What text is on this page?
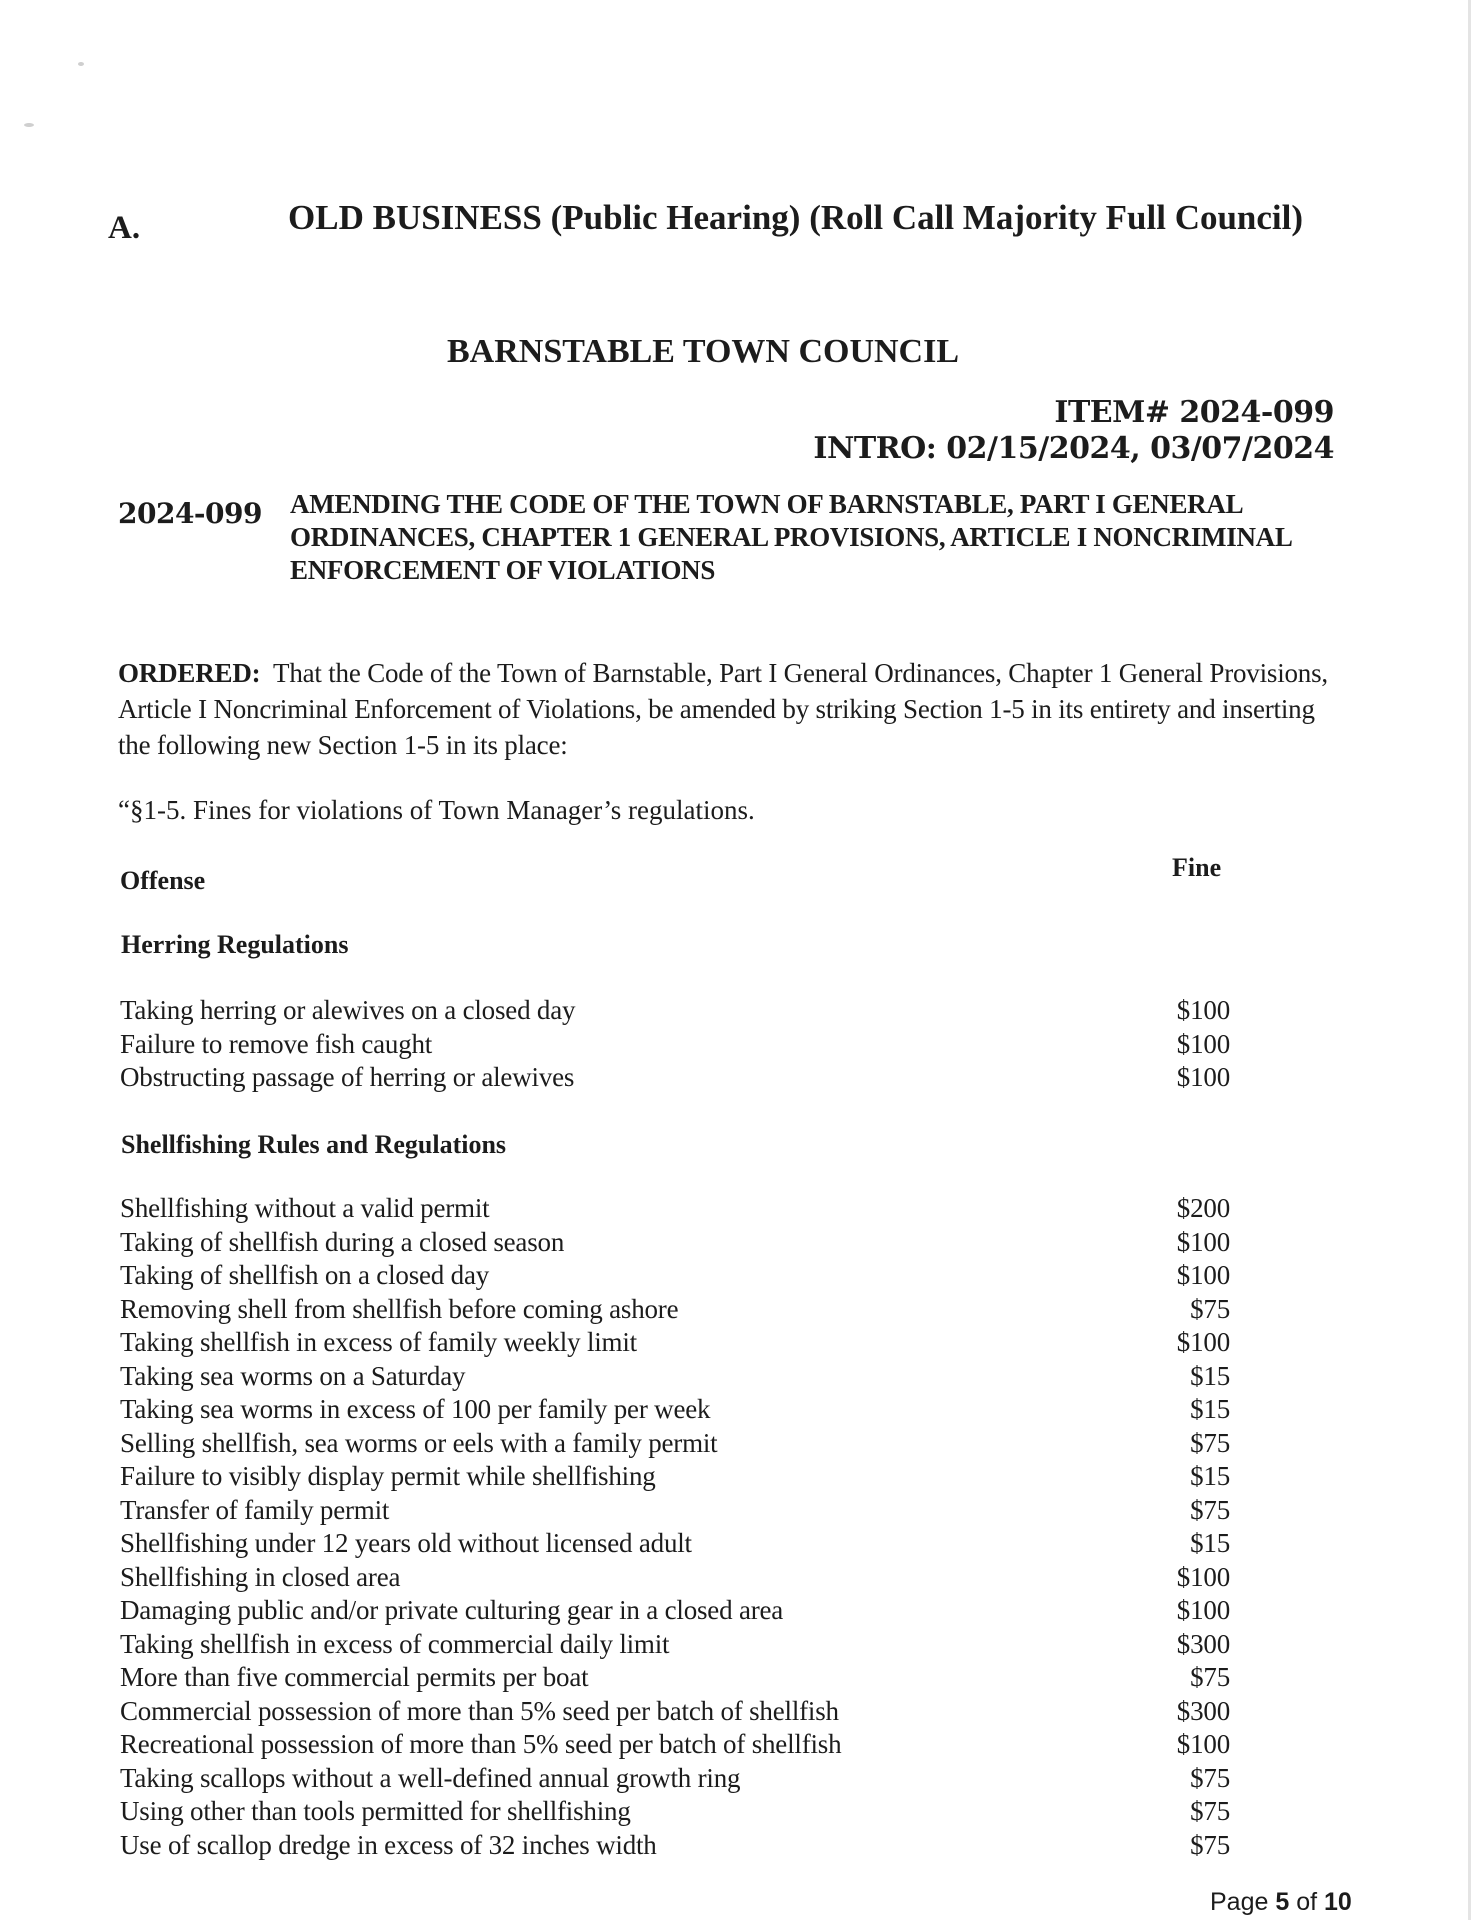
A.	OLD BUSINESS (Public Hearing) (Roll Call Majority Full Council)
BARNSTABLE TOWN COUNCIL
ITEM# 2024-099
INTRO: 02/15/2024, 03/07/2024
2024-099 AMENDING THE CODE OF THE TOWN OF BARNSTABLE, PART I GENERAL ORDINANCES, CHAPTER 1 GENERAL PROVISIONS, ARTICLE I NONCRIMINAL ENFORCEMENT OF VIOLATIONS
ORDERED: That the Code of the Town of Barnstable, Part I General Ordinances, Chapter 1 General Provisions, Article I Noncriminal Enforcement of Violations, be amended by striking Section 1-5 in its entirety and inserting the following new Section 1-5 in its place:
“§1-5. Fines for violations of Town Manager’s regulations.
Offense	Fine
Herring Regulations
Taking herring or alewives on a closed day	$100
Failure to remove fish caught	$100
Obstructing passage of herring or alewives	$100
Shellfishing Rules and Regulations
Shellfishing without a valid permit	$200
Taking of shellfish during a closed season	$100
Taking of shellfish on a closed day	$100
Removing shell from shellfish before coming ashore	$75
Taking shellfish in excess of family weekly limit	$100
Taking sea worms on a Saturday	$15
Taking sea worms in excess of 100 per family per week	$15
Selling shellfish, sea worms or eels with a family permit	$75
Failure to visibly display permit while shellfishing	$15
Transfer of family permit	$75
Shellfishing under 12 years old without licensed adult	$15
Shellfishing in closed area	$100
Damaging public and/or private culturing gear in a closed area	$100
Taking shellfish in excess of commercial daily limit	$300
More than five commercial permits per boat	$75
Commercial possession of more than 5% seed per batch of shellfish	$300
Recreational possession of more than 5% seed per batch of shellfish	$100
Taking scallops without a well-defined annual growth ring	$75
Using other than tools permitted for shellfishing	$75
Use of scallop dredge in excess of 32 inches width	$75
Page 5 of 10
